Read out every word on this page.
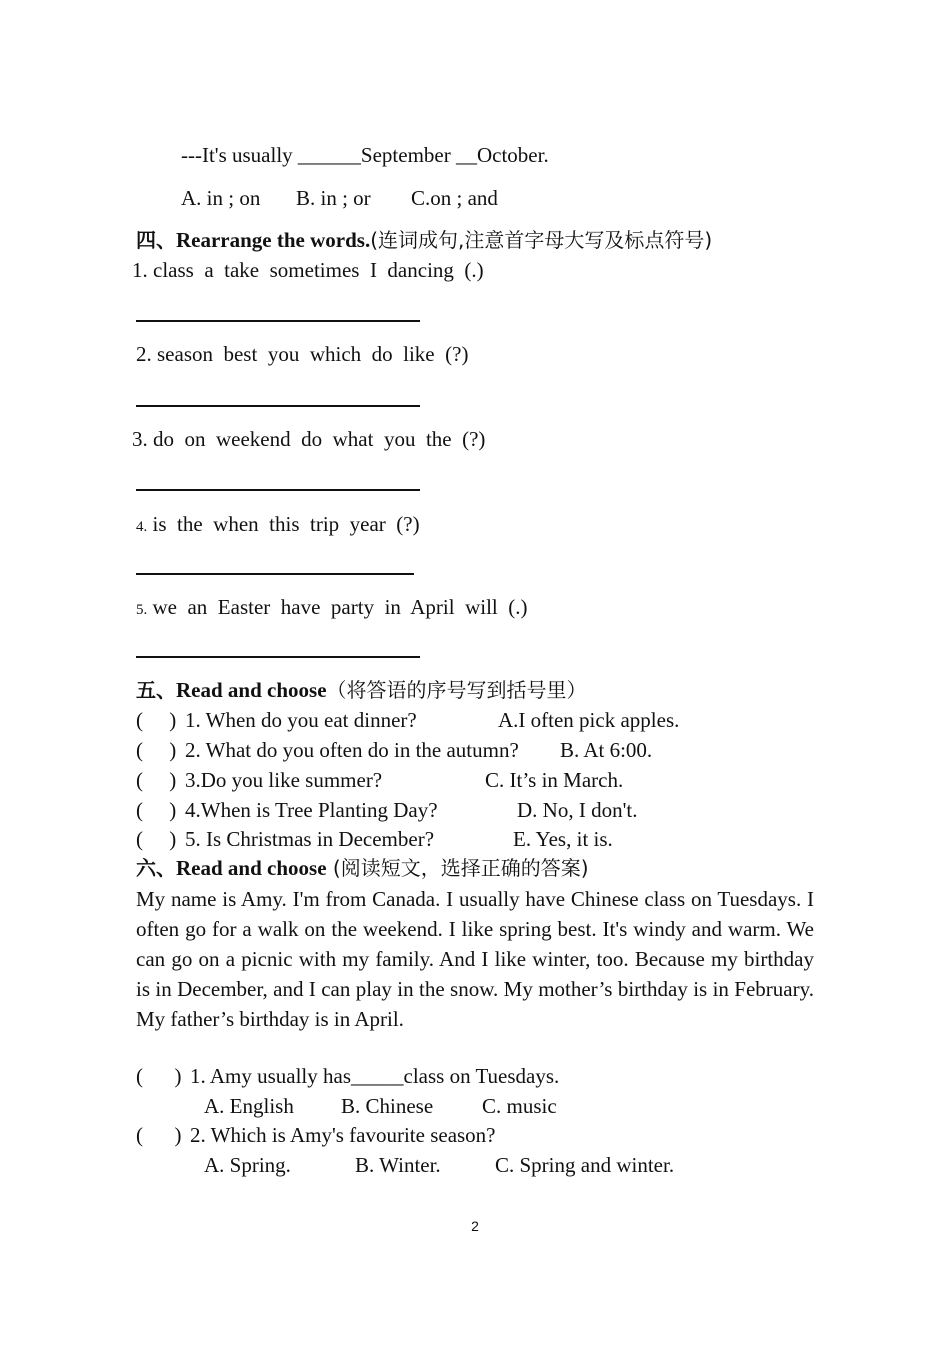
---It's usually ______September __October.
A. in ; on B. in ; or C.on ; and
四、Rearrange the words.(连词成句,注意首字母大写及标点符号)
1. class  a  take  sometimes  I  dancing  (.)
2. season  best  you  which  do  like  (?)
3. do  on  weekend  do  what  you  the  (?)
4. is  the  when  this  trip  year  (?)
5. we  an  Easter  have  party  in  April  will  (.)
五、Read and choose（将答语的序号写到括号里）
(     ) 1. When do you eat dinner?	A.I often pick apples.
(     ) 2. What do you often do in the autumn? B. At 6:00.
(     ) 3.Do you like summer?	C. It’s in March.
(     ) 4.When is Tree Planting Day?	D. No, I don't.
(     ) 5. Is Christmas in December?	E. Yes, it is.
六、Read and choose (阅读短文，选择正确的答案)
My name is Amy. I'm from Canada. I usually have Chinese class on Tuesdays. I often go for a walk on the weekend. I like spring best. It's windy and warm. We can go on a picnic with my family. And I like winter, too. Because my birthday is in December, and I can play in the snow. My mother’s birthday is in February. My father’s birthday is in April.
(      ) 1. Amy usually has_____class on Tuesdays.
A. English B. Chinese C. music
(      ) 2. Which is Amy's favourite season?
A. Spring.	B. Winter.	C. Spring and winter.
2
